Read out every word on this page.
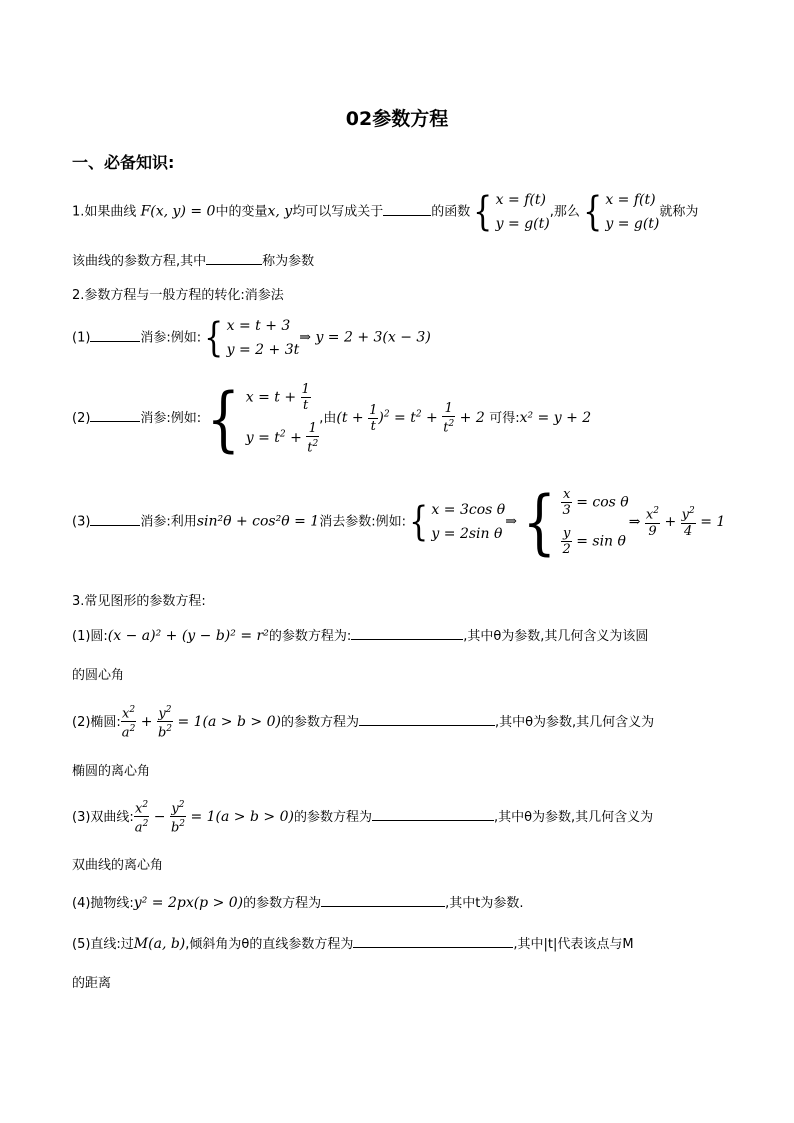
02参数方程
一、必备知识:
1.如果曲线 F(x, y) = 0中的变量x, y均可以写成关于	的函数{ x = f(t)
y = g(t)
,那么{ x = f(t)
y = g(t)
就称为
该曲线的参数方程,其中	称为参数
2.参数方程与一般方程的转化:消参法
(1)	消参:例如:{ x = t + 3
y = 2 + 3t
⇒ y = 2 + 3(x − 3)
(2)	消参:例如:{ $x = t + \frac{1}{t}$
$y = t^2 + \frac{1}{t^2}$
,由$(t + \frac{1}{t} )^2 = t^2 + \frac{1}{t^2} + 2$ 可得:x² = y + 2
(3)	消参:利用sin²θ + cos²θ = 1消去参数:例如:{ x = 3cos θ
y = 2sin θ
⇒{ $\frac{x}{3} = \cos \theta$
$\frac{y}{2} = \sin \theta$
⇒ $\frac{x^2}{9} + \frac{y^2}{4} = 1$
3.常见图形的参数方程:
(1)圆:(x − a)² + (y − b)² = r²的参数方程为:	,其中θ为参数,其几何含义为该圆
的圆心角
(2)椭圆: $\frac{x^2}{a^2} + \frac{y^2}{b^2} = 1(a > b > 0)$的参数方程为	,其中θ为参数,其几何含义为
椭圆的离心角
(3)双曲线: $\frac{x^2}{a^2} - \frac{y^2}{b^2} = 1(a > b > 0)$的参数方程为	,其中θ为参数,其几何含义为
双曲线的离心角
(4)抛物线:y² = 2px(p > 0)的参数方程为	,其中t为参数.
(5)直线:过M(a, b),倾斜角为θ的直线参数方程为	,其中|t|代表该点与M
的距离
